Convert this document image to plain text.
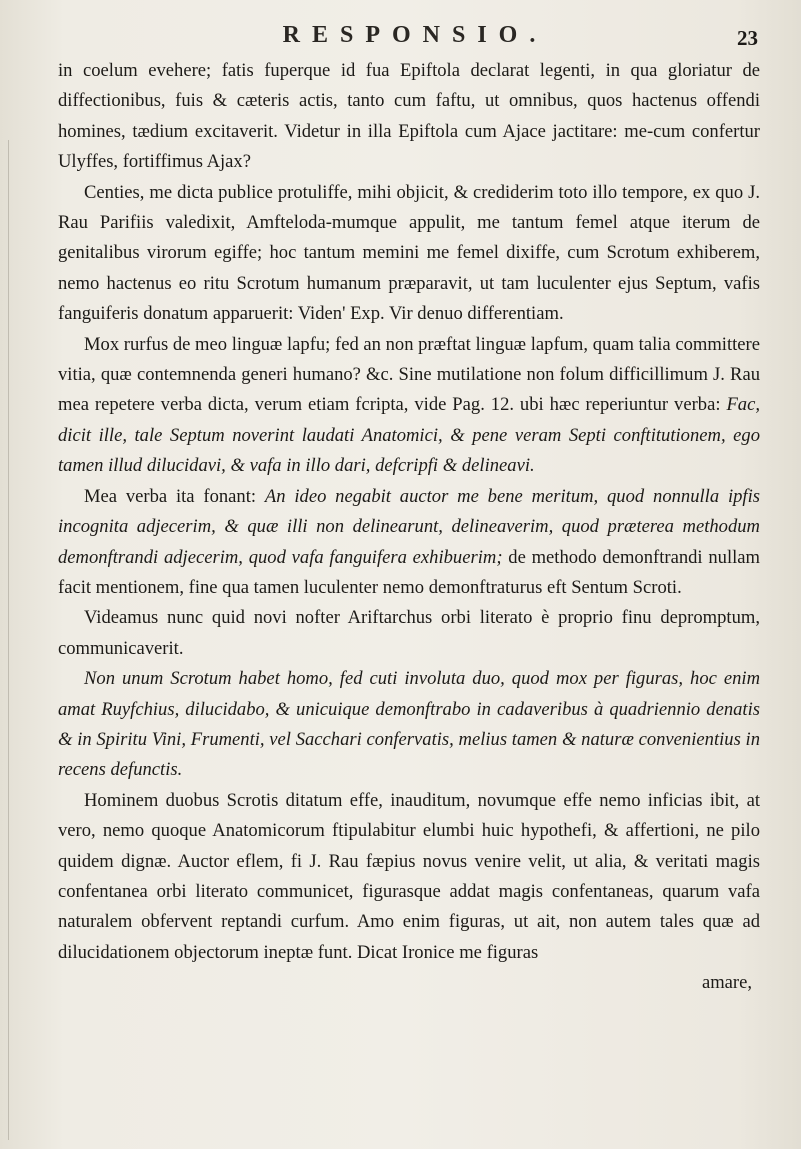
RESPONSIO.	23

in coelum evehere; fatis fuperque id fua Epiftola declarat legenti, in qua gloriatur de diffectionibus, fuis & cæteris actis, tanto cum faftu, ut omnibus, quos hactenus offendi homines, tædium excitaverit. Videtur in illa Epiftola cum Ajace jactitare: me-cum confertur Ulyffes, fortiffimus Ajax?

Centies, me dicta publice protuliffe, mihi objicit, & crediderim toto illo tempore, ex quo J. Rau Parifiis valedixit, Amfteloda-mumque appulit, me tantum femel atque iterum de genitalibus virorum egiffe; hoc tantum memini me femel dixiffe, cum Scrotum exhiberem, nemo hactenus eo ritu Scrotum humanum præparavit, ut tam luculenter ejus Septum, vafis fanguiferis donatum apparuerit: Viden' Exp. Vir denuo differentiam.

Mox rurfus de meo linguæ lapfu; fed an non præftat linguæ lapfum, quam talia committere vitia, quæ contemnenda generi humano? &c. Sine mutilatione non folum difficillimum J. Rau mea repetere verba dicta, verum etiam fcripta, vide Pag. 12. ubi hæc reperiuntur verba: Fac, dicit ille, tale Septum noverint laudati Anatomici, & pene veram Septi conftitutionem, ego tamen illud dilucidavi, & vafa in illo dari, defcripfi & delineavi.

Mea verba ita fonant: An ideo negabit auctor me bene meritum, quod nonnulla ipfis incognita adjecerim, & quæ illi non delinearunt, delineaverim, quod præterea methodum demonftrandi adjecerim, quod vafa fanguifera exhibuerim; de methodo demonftrandi nullam facit mentionem, fine qua tamen luculenter nemo demonftraturus eft Sentum Scroti.

Videamus nunc quid novi nofter Ariftarchus orbi literato è proprio finu depromptum, communicaverit.

Non unum Scrotum habet homo, fed cuti involuta duo, quod mox per figuras, hoc enim amat Ruyfchius, dilucidabo, & unicuique demonftrabo in cadaveribus à quadriennio denatis & in Spiritu Vini, Frumenti, vel Sacchari confervatis, melius tamen & naturæ convenientius in recens defunctis.

Hominem duobus Scrotis ditatum effe, inauditum, novumque effe nemo inficias ibit, at vero, nemo quoque Anatomicorum ftipulabitur elumbi huic hypothefi, & affertioni, ne pilo quidem dignæ. Auctor eflem, fi J. Rau fæpius novus venire velit, ut alia, & veritati magis confentanea orbi literato communicet, figurasque addat magis confentaneas, quarum vafa naturalem obfervent reptandi curfum. Amo enim figuras, ut ait, non autem tales quæ ad dilucidationem objectorum ineptæ funt. Dicat Ironice me figuras

amare,
